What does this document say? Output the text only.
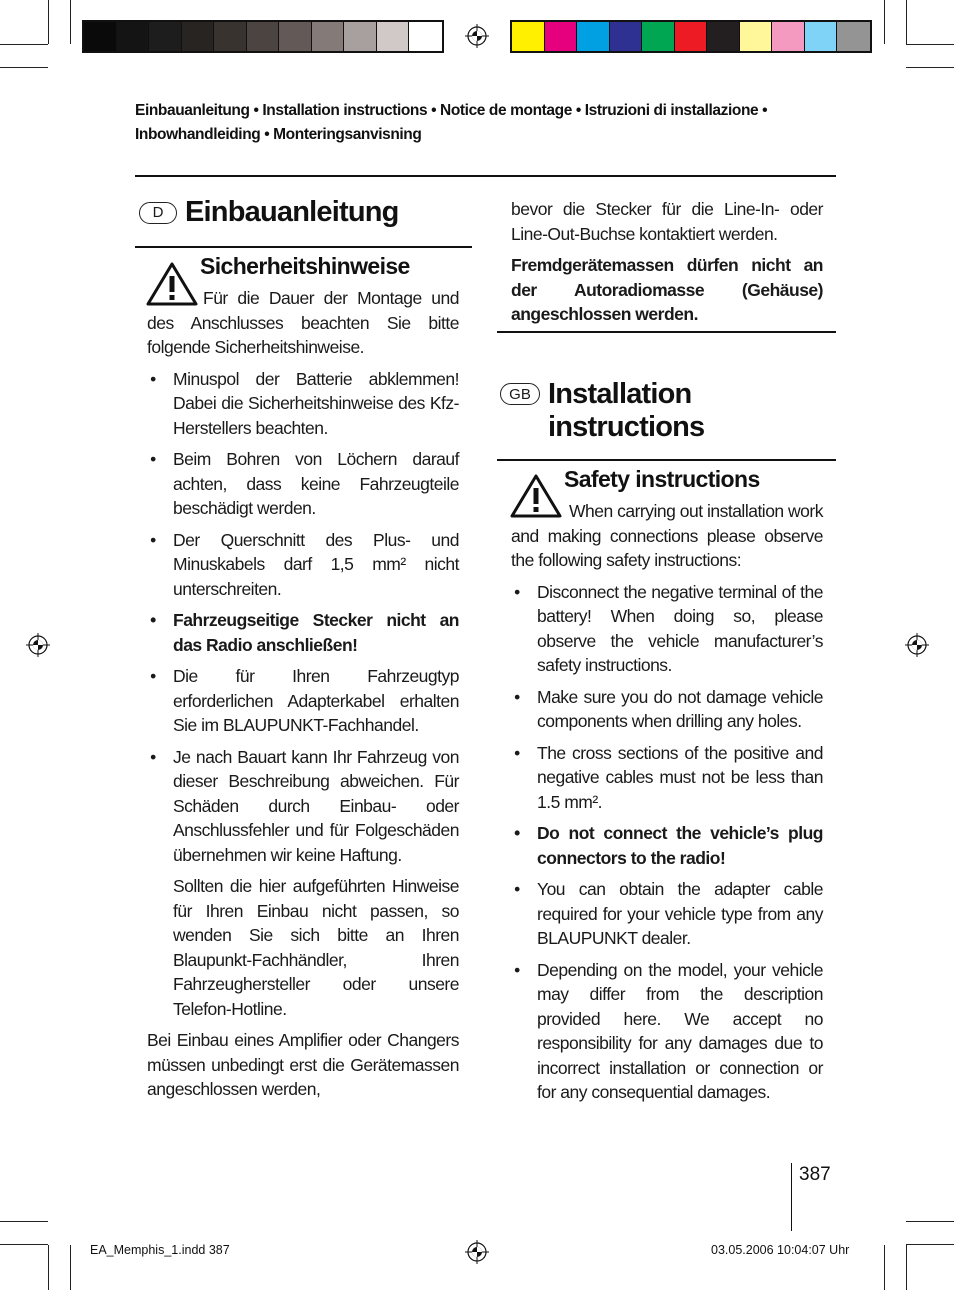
Einbauanleitung • Installation instructions • Notice de montage • Istruzioni di installazione •
Inbowhandleiding • Monteringsanvisning
D Einbauanleitung
Sicherheitshinweise

Für die Dauer der Montage und des Anschlusses beachten Sie bitte folgende Sicherheitshinweise.

• Minuspol der Batterie abklemmen! Dabei die Sicherheitshinweise des Kfz- Herstellers beachten.
• Beim Bohren von Löchern darauf achten, dass keine Fahrzeugteile beschädigt werden.
• Der Querschnitt des Plus- und Minuskabels darf 1,5 mm² nicht unterschreiten.
• Fahrzeugseitige Stecker nicht an das Radio anschließen!
• Die für Ihren Fahrzeugtyp erforderlichen Adapterkabel erhalten Sie im BLAUPUNKT-Fachhandel.
• Je nach Bauart kann Ihr Fahrzeug von dieser Beschreibung abweichen. Für Schäden durch Einbau- oder Anschlussfehler und für Folgeschäden übernehmen wir keine Haftung.
Sollten die hier aufgeführten Hinweise für Ihren Einbau nicht passen, so wenden Sie sich bitte an Ihren Blaupunkt-Fachhändler, Ihren Fahrzeughersteller oder unsere Telefon-Hotline.

Bei Einbau eines Amplifier oder Changers müssen unbedingt erst die Gerätemassen angeschlossen werden,

bevor die Stecker für die Line-In- oder Line-Out-Buchse kontaktiert werden.

Fremdgerätemassen dürfen nicht an der Autoradiomasse (Gehäuse) angeschlossen werden.

GB Installation
instructions
Safety instructions

When carrying out installation work and making connections please observe the following safety instructions:

• Disconnect the negative terminal of the battery! When doing so, please observe the vehicle manufacturer’s safety instructions.
• Make sure you do not damage vehicle components when drilling any holes.
• The cross sections of the positive and negative cables must not be less than 1.5 mm².
• Do not connect the vehicle’s plug connectors to the radio!
• You can obtain the adapter cable required for your vehicle type from any BLAUPUNKT dealer.
• Depending on the model, your vehicle may differ from the description provided here. We accept no responsibility for any damages due to incorrect installation or connection or for any consequential damages.
387
EA_Memphis_1.indd 387	03.05.2006 10:04:07 Uhr
